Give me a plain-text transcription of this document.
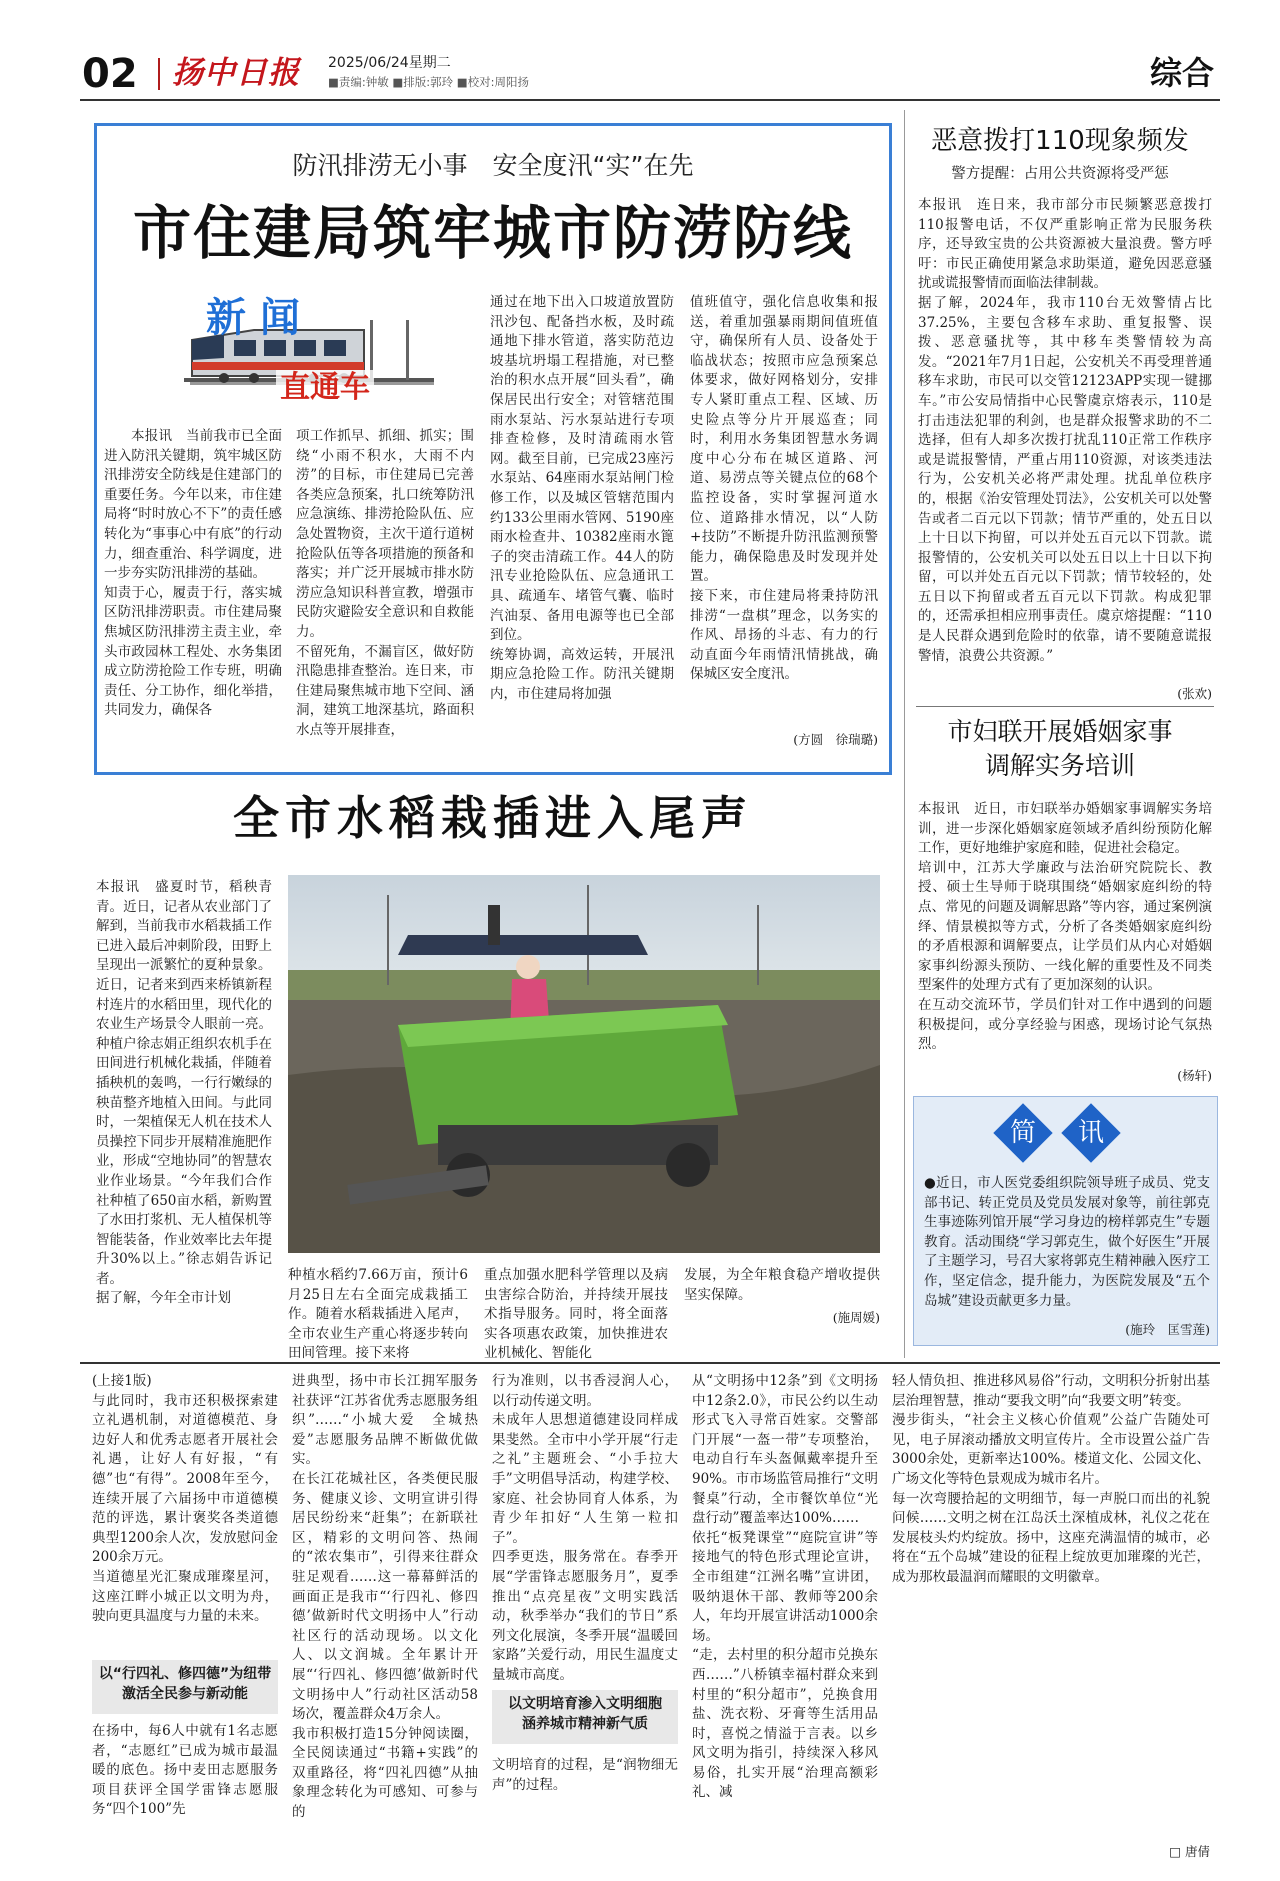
02 扬中日报 2025/06/24星期二
■责编:钟敏 ■排版:郭玲 ■校对:周阳扬	综合
防汛排涝无小事　安全度汛“实”在先
市住建局筑牢城市防涝防线
新闻
直通车
本报讯　当前我市已全面进入防汛关键期，筑牢城区防汛排涝安全防线是住建部门的重要任务。今年以来，市住建局将“时时放心不下”的责任感转化为“事事心中有底”的行动力，细查重治、科学调度，进一步夯实防汛排涝的基础。
知责于心，履责于行，落实城区防汛排涝职责。市住建局聚焦城区防汛排涝主责主业，牵头市政园林工程处、水务集团成立防涝抢险工作专班，明确责任、分工协作，细化举措，共同发力，确保各
项工作抓早、抓细、抓实；围绕“小雨不积水，大雨不内涝”的目标，市住建局已完善各类应急预案，扎口统筹防汛应急演练、排涝抢险队伍、应急处置物资，主次干道行道树抢险队伍等各项措施的预备和落实；并广泛开展城市排水防涝应急知识科普宣教，增强市民防灾避险安全意识和自救能力。
不留死角，不漏盲区，做好防汛隐患排查整治。连日来，市住建局聚焦城市地下空间、涵洞，建筑工地深基坑，路面积水点等开展排查，
通过在地下出入口坡道放置防汛沙包、配备挡水板，及时疏通地下排水管道，落实防范边坡基坑坍塌工程措施，对已整治的积水点开展“回头看”，确保居民出行安全；对管辖范围雨水泵站、污水泵站进行专项排查检修，及时清疏雨水管网。截至目前，已完成23座污水泵站、64座雨水泵站闸门检修工作，以及城区管辖范围内约133公里雨水管网、5190座雨水检查井、10382座雨水篦子的突击清疏工作。44人的防汛专业抢险队伍、应急通讯工具、疏通车、堵管气囊、临时汽油泵、备用电源等也已全部到位。
统筹协调，高效运转，开展汛期应急抢险工作。防汛关键期内，市住建局将加强
值班值守，强化信息收集和报送，着重加强暴雨期间值班值守，确保所有人员、设备处于临战状态；按照市应急预案总体要求，做好网格划分，安排专人紧盯重点工程、区域、历史险点等分片开展巡查；同时，利用水务集团智慧水务调度中心分布在城区道路、河道、易涝点等关键点位的68个监控设备，实时掌握河道水位、道路排水情况，以“人防+技防”不断提升防汛监测预警能力，确保隐患及时发现并处置。
接下来，市住建局将秉持防汛排涝“一盘棋”理念，以务实的作风、昂扬的斗志、有力的行动直面今年雨情汛情挑战，确保城区安全度汛。
(方圆　徐瑞璐)
恶意拨打110现象频发
警方提醒：占用公共资源将受严惩
本报讯　连日来，我市部分市民频繁恶意拨打110报警电话，不仅严重影响正常为民服务秩序，还导致宝贵的公共资源被大量浪费。警方呼吁：市民正确使用紧急求助渠道，避免因恶意骚扰或谎报警情而面临法律制裁。
据了解，2024年，我市110台无效警情占比37.25%，主要包含移车求助、重复报警、误拨、恶意骚扰等，其中移车类警情较为高发。“2021年7月1日起，公安机关不再受理普通移车求助，市民可以交管12123APP实现一键挪车。”市公安局情指中心民警虞京熔表示，110是打击违法犯罪的利剑，也是群众报警求助的不二选择，但有人却多次拨打扰乱110正常工作秩序或是谎报警情，严重占用110资源，对该类违法行为，公安机关必将严肃处理。扰乱单位秩序的，根据《治安管理处罚法》，公安机关可以处警告或者二百元以下罚款；情节严重的，处五日以上十日以下拘留，可以并处五百元以下罚款。谎报警情的，公安机关可以处五日以上十日以下拘留，可以并处五百元以下罚款；情节较轻的，处五日以下拘留或者五百元以下罚款。构成犯罪的，还需承担相应刑事责任。虞京熔提醒：“110是人民群众遇到危险时的依靠，请不要随意谎报警情，浪费公共资源。”
(张欢)
市妇联开展婚姻家事
调解实务培训
本报讯　近日，市妇联举办婚姻家事调解实务培训，进一步深化婚姻家庭领域矛盾纠纷预防化解工作，更好地维护家庭和睦，促进社会稳定。
培训中，江苏大学廉政与法治研究院院长、教授、硕士生导师于晓琪围绕“婚姻家庭纠纷的特点、常见的问题及调解思路”等内容，通过案例演绎、情景模拟等方式，分析了各类婚姻家庭纠纷的矛盾根源和调解要点，让学员们从内心对婚姻家事纠纷源头预防、一线化解的重要性及不同类型案件的处理方式有了更加深刻的认识。
在互动交流环节，学员们针对工作中遇到的问题积极提问，或分享经验与困惑，现场讨论气氛热烈。
(杨轩)
简	讯
●近日，市人医党委组织院领导班子成员、党支部书记、转正党员及党员发展对象等，前往郭克生事迹陈列馆开展“学习身边的榜样郭克生”专题教育。活动围绕“学习郭克生，做个好医生”开展了主题学习，号召大家将郭克生精神融入医疗工作，坚定信念，提升能力，为医院发展及“五个岛城”建设贡献更多力量。
(施玲　匡雪莲)
全市水稻栽插进入尾声
本报讯　盛夏时节，稻秧青青。近日，记者从农业部门了解到，当前我市水稻栽插工作已进入最后冲刺阶段，田野上呈现出一派繁忙的夏种景象。
近日，记者来到西来桥镇新程村连片的水稻田里，现代化的农业生产场景令人眼前一亮。种植户徐志娟正组织农机手在田间进行机械化栽插，伴随着插秧机的轰鸣，一行行嫩绿的秧苗整齐地植入田间。与此同时，一架植保无人机在技术人员操控下同步开展精准施肥作业，形成“空地协同”的智慧农业作业场景。“今年我们合作社种植了650亩水稻，新购置了水田打浆机、无人植保机等智能装备，作业效率比去年提升30%以上。”徐志娟告诉记者。
据了解，今年全市计划
种植水稻约7.66万亩，预计6月25日左右全面完成栽插工作。随着水稻栽插进入尾声，全市农业生产重心将逐步转向田间管理。接下来将
重点加强水肥科学管理以及病虫害综合防治，并持续开展技术指导服务。同时，将全面落实各项惠农政策，加快推进农业机械化、智能化
发展，为全年粮食稳产增收提供坚实保障。
(施周媛)
(上接1版)
与此同时，我市还积极探索建立礼遇机制，对道德模范、身边好人和优秀志愿者开展社会礼遇，让好人有好报，“有德”也“有得”。2008年至今，连续开展了六届扬中市道德模范的评选，累计褒奖各类道德典型1200余人次，发放慰问金200余万元。
当道德星光汇聚成璀璨星河，这座江畔小城正以文明为舟，驶向更具温度与力量的未来。
以“行四礼、修四德”为纽带
激活全民参与新动能
在扬中，每6人中就有1名志愿者，“志愿红”已成为城市最温暖的底色。扬中麦田志愿服务项目获评全国学雷锋志愿服务“四个100”先
进典型，扬中市长江拥军服务社获评“江苏省优秀志愿服务组织”……“小城大爱　全城热爱”志愿服务品牌不断做优做实。
在长江花城社区，各类便民服务、健康义诊、文明宣讲引得居民纷纷来“赶集”；在新联社区，精彩的文明问答、热闹的“浓农集市”，引得来往群众驻足观看……这一幕幕鲜活的画面正是我市“‘行四礼、修四德’做新时代文明扬中人”行动社区行的活动现场。以文化人、以文润城。全年累计开展“‘行四礼、修四德’做新时代文明扬中人”行动社区活动58场次，覆盖群众4万余人。
我市积极打造15分钟阅读圈，全民阅读通过“书籍+实践”的双重路径，将“四礼四德”从抽象理念转化为可感知、可参与的
行为准则，以书香浸润人心，以行动传递文明。
未成年人思想道德建设同样成果斐然。全市中小学开展“行走之礼”主题班会、“小手拉大手”文明倡导活动，构建学校、家庭、社会协同育人体系，为青少年扣好“人生第一粒扣子”。
四季更迭，服务常在。春季开展“学雷锋志愿服务月”，夏季推出“点亮星夜”文明实践活动，秋季举办“我们的节日”系列文化展演，冬季开展“温暖回家路”关爱行动，用民生温度丈量城市高度。
以文明培育渗入文明细胞
涵养城市精神新气质
文明培育的过程，是“润物细无声”的过程。
从“文明扬中12条”到《文明扬中12条2.0》，市民公约以生动形式飞入寻常百姓家。交警部门开展“一盔一带”专项整治，电动自行车头盔佩戴率提升至90%。市市场监管局推行“文明餐桌”行动，全市餐饮单位“光盘行动”覆盖率达100%……
依托“板凳课堂”“庭院宣讲”等接地气的特色形式理论宣讲，全市组建“江洲名嘴”宣讲团，吸纳退休干部、教师等200余人，年均开展宣讲活动1000余场。
“走，去村里的积分超市兑换东西……”八桥镇幸福村群众来到村里的“积分超市”，兑换食用盐、洗衣粉、牙膏等生活用品时，喜悦之情溢于言表。以乡风文明为指引，持续深入移风易俗，扎实开展“治理高额彩礼、减
轻人情负担、推进移风易俗”行动，文明积分折射出基层治理智慧，推动“要我文明”向“我要文明”转变。
漫步街头，“社会主义核心价值观”公益广告随处可见，电子屏滚动播放文明宣传片。全市设置公益广告3000余处，更新率达100%。楼道文化、公园文化、广场文化等特色景观成为城市名片。
每一次弯腰拾起的文明细节，每一声脱口而出的礼貌问候……文明之树在江岛沃土深植成林，礼仪之花在发展枝头灼灼绽放。扬中，这座充满温情的城市，必将在“五个岛城”建设的征程上绽放更加璀璨的光芒，成为那枚最温润而耀眼的文明徽章。
□ 唐倩
